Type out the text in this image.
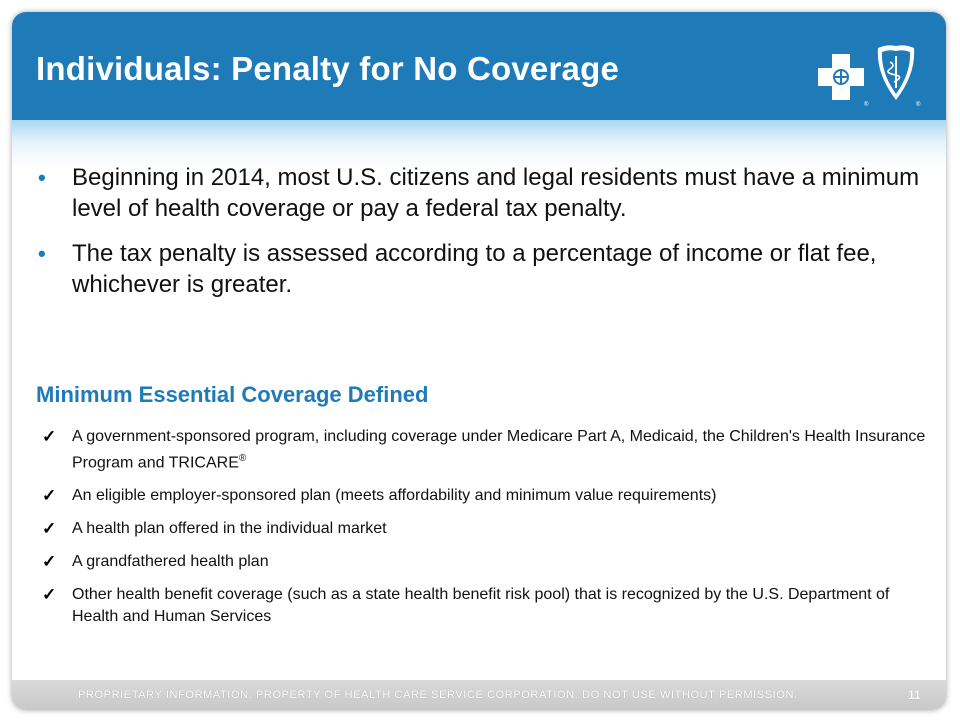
Individuals: Penalty for No Coverage
®	®
• Beginning in 2014, most U.S. citizens and legal residents must have a minimum level of health coverage or pay a federal tax penalty.
• The tax penalty is assessed according to a percentage of income or flat fee, whichever is greater.
Minimum Essential Coverage Defined
✓ A government-sponsored program, including coverage under Medicare Part A, Medicaid, the Children's Health Insurance Program and TRICARE®
✓ An eligible employer-sponsored plan (meets affordability and minimum value requirements)
✓ A health plan offered in the individual market
✓ A grandfathered health plan
✓ Other health benefit coverage (such as a state health benefit risk pool) that is recognized by the U.S. Department of Health and Human Services
PROPRIETARY INFORMATION. PROPERTY OF HEALTH CARE SERVICE CORPORATION. DO NOT USE WITHOUT PERMISSION.	11
